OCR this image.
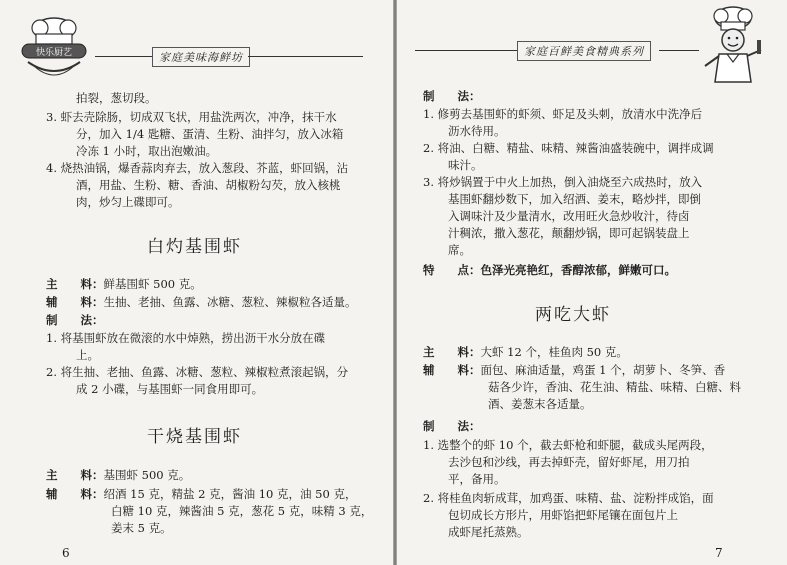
快乐厨艺	家庭美味海鲜坊
拍裂，葱切段。
3. 虾去壳除肠，切成双飞状，用盐洗两次，冲净，抹干水
分，加入 1/4 匙糖、蛋清、生粉、油拌匀，放入冰箱
冷冻 1 小时，取出泡嫩油。
4. 烧热油锅，爆香蒜肉弃去，放入葱段、芥蓝，虾回锅，沾
酒，用盐、生粉、糖、香油、胡椒粉勾芡，放入核桃
肉，炒匀上碟即可。
白灼基围虾
主　　料：鲜基围虾 500 克。
辅　　料：生抽、老抽、鱼露、冰糖、葱粒、辣椒粒各适量。
制　　法：
1. 将基围虾放在微滚的水中焯熟，捞出沥干水分放在碟
上。
2. 将生抽、老抽、鱼露、冰糖、葱粒、辣椒粒煮滚起锅，分
成 2 小碟，与基围虾一同食用即可。
干烧基围虾
主　　料：基围虾 500 克。
辅　　料：绍酒 15 克，精盐 2 克，酱油 10 克，油 50 克，
白糖 10 克，辣酱油 5 克，葱花 5 克，味精 3 克，
姜末 5 克。
6
家庭百鲜美食精典系列
制　　法：
1. 修剪去基围虾的虾须、虾足及头刺，放清水中洗净后
沥水待用。
2. 将油、白糖、精盐、味精、辣酱油盛装碗中，调拌成调
味汁。
3. 将炒锅置于中火上加热，倒入油烧至六成热时，放入
基围虾翻炒数下，加入绍酒、姜末，略炒拌，即倒
入调味汁及少量清水，改用旺火急炒收汁，待卤
汁稠浓，撒入葱花，颠翻炒锅，即可起锅装盘上
席。
特　　点：色泽光亮艳红，香醇浓郁，鲜嫩可口。
两吃大虾
主　　料：大虾 12 个，桂鱼肉 50 克。
辅　　料：面包、麻油适量，鸡蛋 1 个，胡萝卜、冬笋、香
菇各少许，香油、花生油、精盐、味精、白糖、料
酒、姜葱末各适量。
制　　法：
1. 选整个的虾 10 个，截去虾枪和虾腿，截成头尾两段，
去沙包和沙线，再去掉虾壳，留好虾尾，用刀拍
平，备用。
2. 将桂鱼肉斩成茸，加鸡蛋、味精、盐、淀粉拌成馅，面
包切成长方形片，用虾馅把虾尾镶在面包片上
成虾尾托蒸熟。
7
